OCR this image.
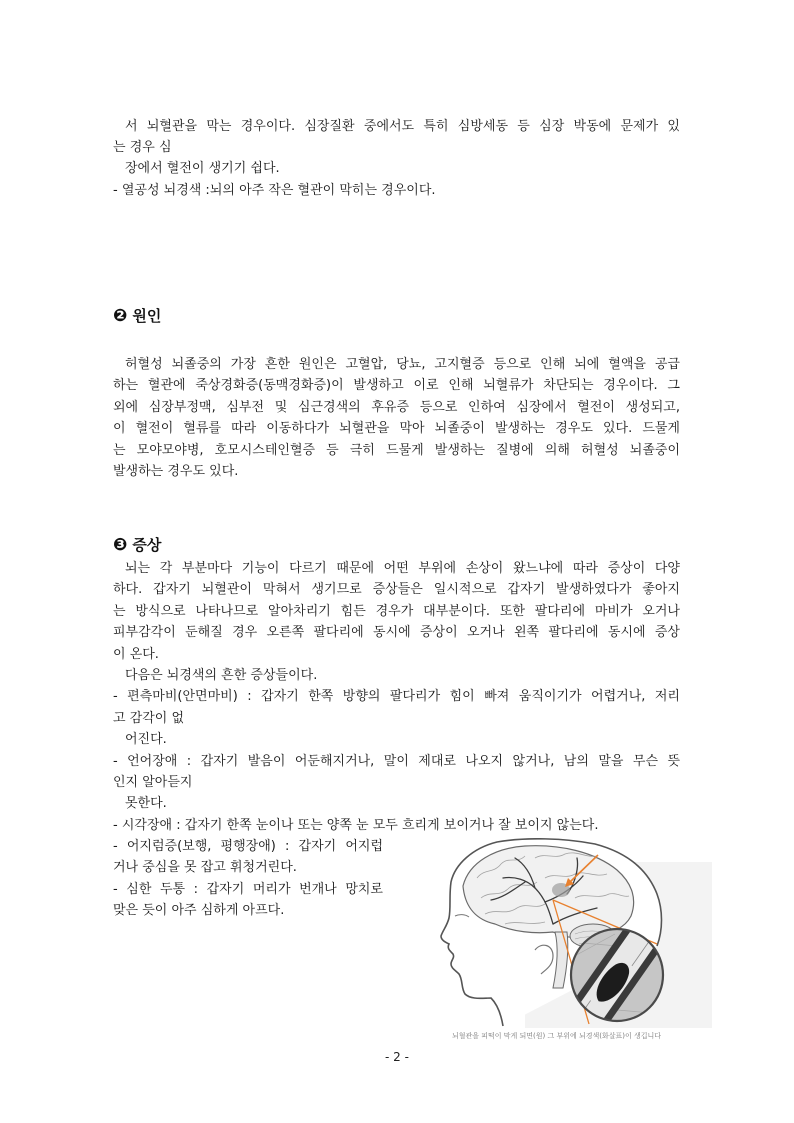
서 뇌혈관을 막는 경우이다. 심장질환 중에서도 특히 심방세동 등 심장 박동에 문제가 있
는 경우 심
장에서 혈전이 생기기 쉽다.
- 열공성 뇌경색 :뇌의 아주 작은 혈관이 막히는 경우이다.
❷ 원인
허혈성 뇌졸중의 가장 흔한 원인은 고혈압, 당뇨, 고지혈증 등으로 인해 뇌에 혈액을 공급
하는 혈관에 죽상경화증(동맥경화증)이 발생하고 이로 인해 뇌혈류가 차단되는 경우이다. 그
외에 심장부정맥, 심부전 및 심근경색의 후유증 등으로 인하여 심장에서 혈전이 생성되고,
이 혈전이 혈류를 따라 이동하다가 뇌혈관을 막아 뇌졸중이 발생하는 경우도 있다. 드물게
는 모야모야병, 호모시스테인혈증 등 극히 드물게 발생하는 질병에 의해 허혈성 뇌졸중이
발생하는 경우도 있다.
❸ 증상
뇌는 각 부분마다 기능이 다르기 때문에 어떤 부위에 손상이 왔느냐에 따라 증상이 다양
하다. 갑자기 뇌혈관이 막혀서 생기므로 증상들은 일시적으로 갑자기 발생하였다가 좋아지
는 방식으로 나타나므로 알아차리기 힘든 경우가 대부분이다. 또한 팔다리에 마비가 오거나
피부감각이 둔해질 경우 오른쪽 팔다리에 동시에 증상이 오거나 왼쪽 팔다리에 동시에 증상
이 온다.
다음은 뇌경색의 흔한 증상들이다.
- 편측마비(안면마비) : 갑자기 한쪽 방향의 팔다리가 힘이 빠져 움직이기가 어렵거나, 저리
고 감각이 없
어진다.
- 언어장애 : 갑자기 발음이 어둔해지거나, 말이 제대로 나오지 않거나, 남의 말을 무슨 뜻
인지 알아듣지
못한다.
- 시각장애 : 갑자기 한쪽 눈이나 또는 양쪽 눈 모두 흐리게 보이거나 잘 보이지 않는다.
- 어지럼증(보행, 평행장애) : 갑자기 어지럽
거나 중심을 못 잡고 휘청거린다.
- 심한 두통 : 갑자기 머리가 번개나 망치로
맞은 듯이 아주 심하게 아프다.
뇌혈관을 피떡이 막게 되면(원) 그 부위에 뇌경색(화살표)이 생깁니다
- 2 -
